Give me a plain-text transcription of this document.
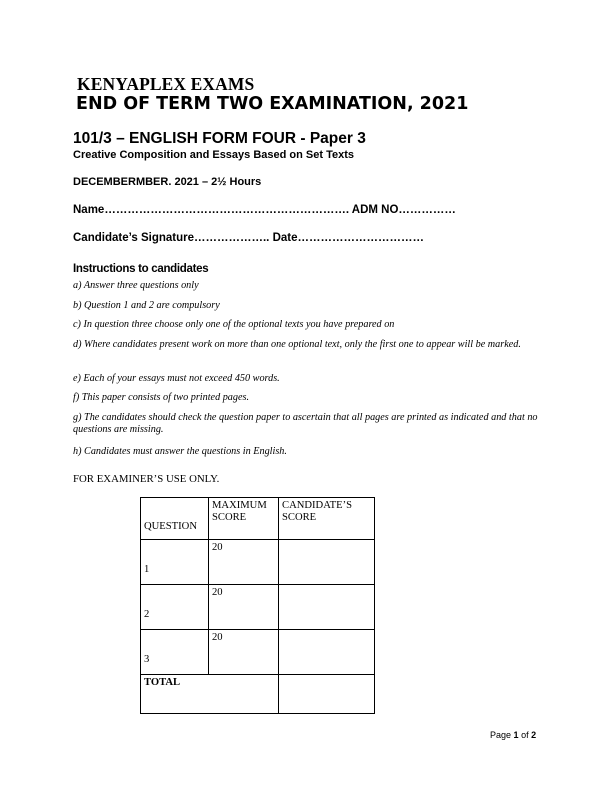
KENYAPLEX EXAMS
END OF TERM TWO EXAMINATION, 2021
101/3 – ENGLISH FORM FOUR - Paper 3
Creative Composition and Essays Based on Set Texts
DECEMBERMBER. 2021 – 2½ Hours
Name………………………………………………………. ADM NO……………
Candidate’s Signature……………….. Date……………………………
Instructions to candidates

a) Answer three questions only

b) Question 1 and 2 are compulsory

c) In question three choose only one of the optional texts you have prepared on

d) Where candidates present work on more than one optional text, only the first one to appear will be marked.

e) Each of your essays must not exceed 450 words.

f) This paper consists of two printed pages.

g) The candidates should check the question paper to ascertain that all pages are printed as indicated and that no questions are missing.

h) Candidates must answer the questions in English.

FOR EXAMINER’S USE ONLY.
QUESTION	MAXIMUM SCORE	CANDIDATE’S SCORE
1	20	
2	20	
3	20	
TOTAL		
Page 1 of 2
